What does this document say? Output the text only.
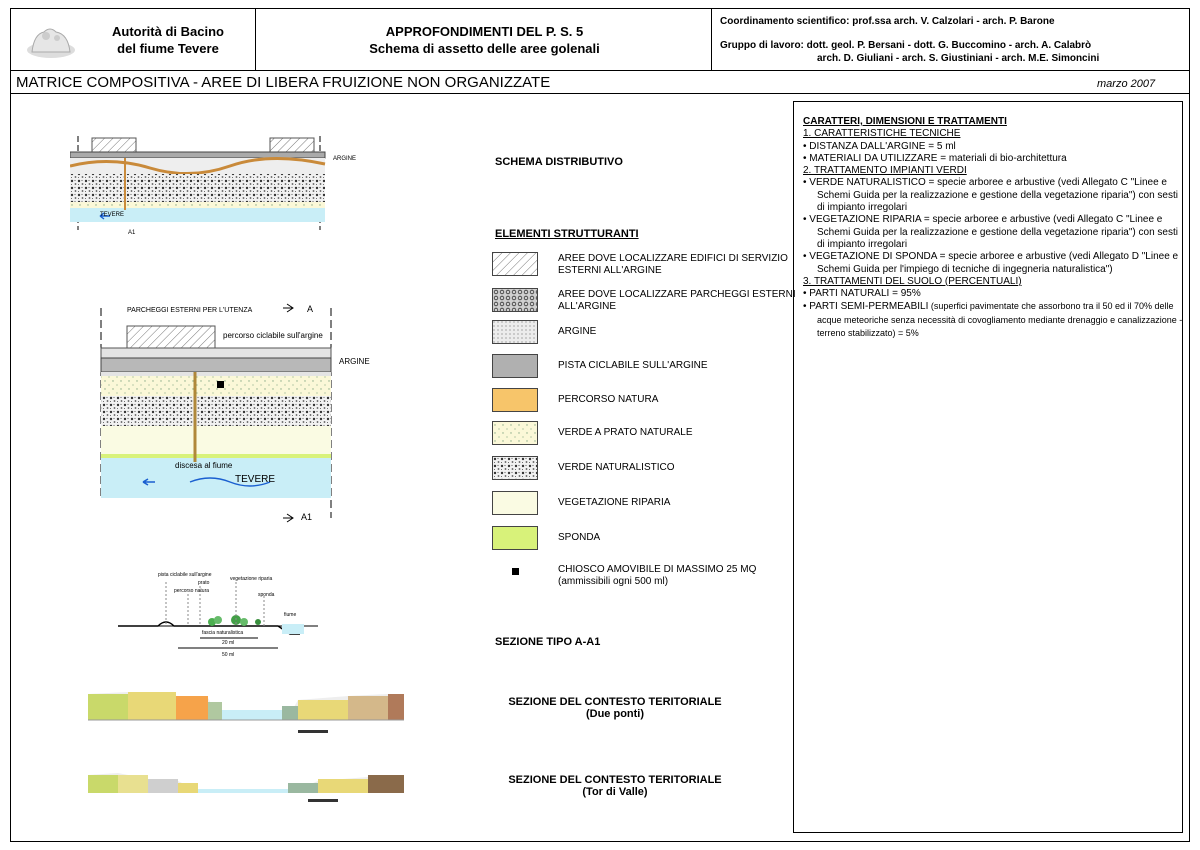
Autorità di Bacino
del fiume Tevere
APPROFONDIMENTI DEL P. S. 5
Schema di assetto delle aree golenali
Coordinamento scientifico: prof.ssa arch. V. Calzolari - arch. P. Barone
Gruppo di lavoro: dott. geol. P. Bersani - dott. G. Buccomino - arch. A. Calabrò
arch. D. Giuliani - arch. S. Giustiniani - arch. M.E. Simoncini
MATRICE COMPOSITIVA - AREE DI LIBERA FRUIZIONE NON ORGANIZZATE	marzo 2007
ARGINE
TEVERE
A1
PARCHEGGI ESTERNI PER L'UTENZA
percorso ciclabile sull'argine
ARGINE
discesa al fiume
TEVERE
A
A1
pista ciclabile sull'argine
percorso natura
prato
vegetazione riparia
sponda
fiume
fascia naturalistica
20 ml
50 ml
SCHEMA DISTRIBUTIVO
ELEMENTI STRUTTURANTI
SEZIONE TIPO A-A1
SEZIONE DEL CONTESTO TERITORIALE
(Due ponti)
SEZIONE DEL CONTESTO TERITORIALE
(Tor di Valle)
AREE DOVE LOCALIZZARE EDIFICI DI SERVIZIO ESTERNI ALL'ARGINE
AREE DOVE LOCALIZZARE PARCHEGGI ESTERNI ALL'ARGINE
ARGINE
PISTA CICLABILE SULL'ARGINE
PERCORSO NATURA
VERDE A PRATO NATURALE
VERDE NATURALISTICO
VEGETAZIONE RIPARIA
SPONDA
CHIOSCO AMOVIBILE DI MASSIMO 25 MQ (ammissibili ogni 500 ml)
CARATTERI, DIMENSIONI E TRATTAMENTI
1. CARATTERISTICHE TECNICHE
• DISTANZA DALL'ARGINE = 5 ml
• MATERIALI DA UTILIZZARE = materiali di bio-architettura
2. TRATTAMENTO IMPIANTI VERDI
• VERDE NATURALISTICO = specie arboree e arbustive (vedi Allegato C "Linee e Schemi Guida per la realizzazione e gestione della vegetazione riparia") con sesti di impianto irregolari
• VEGETAZIONE RIPARIA = specie arboree e arbustive (vedi Allegato C "Linee e Schemi Guida per la realizzazione e gestione della vegetazione riparia") con sesti di impianto irregolari
• VEGETAZIONE DI SPONDA = specie arboree e arbustive (vedi Allegato D "Linee e Schemi Guida per l'impiego di tecniche di ingegneria naturalistica")
3. TRATTAMENTI DEL SUOLO (PERCENTUALI)
• PARTI NATURALI = 95%
• PARTI SEMI-PERMEABILI (superfici pavimentate che assorbono tra il 50 ed il 70% delle acque meteoriche senza necessità di covogliamento mediante drenaggio e canalizzazione - terreno stabilizzato) = 5%
